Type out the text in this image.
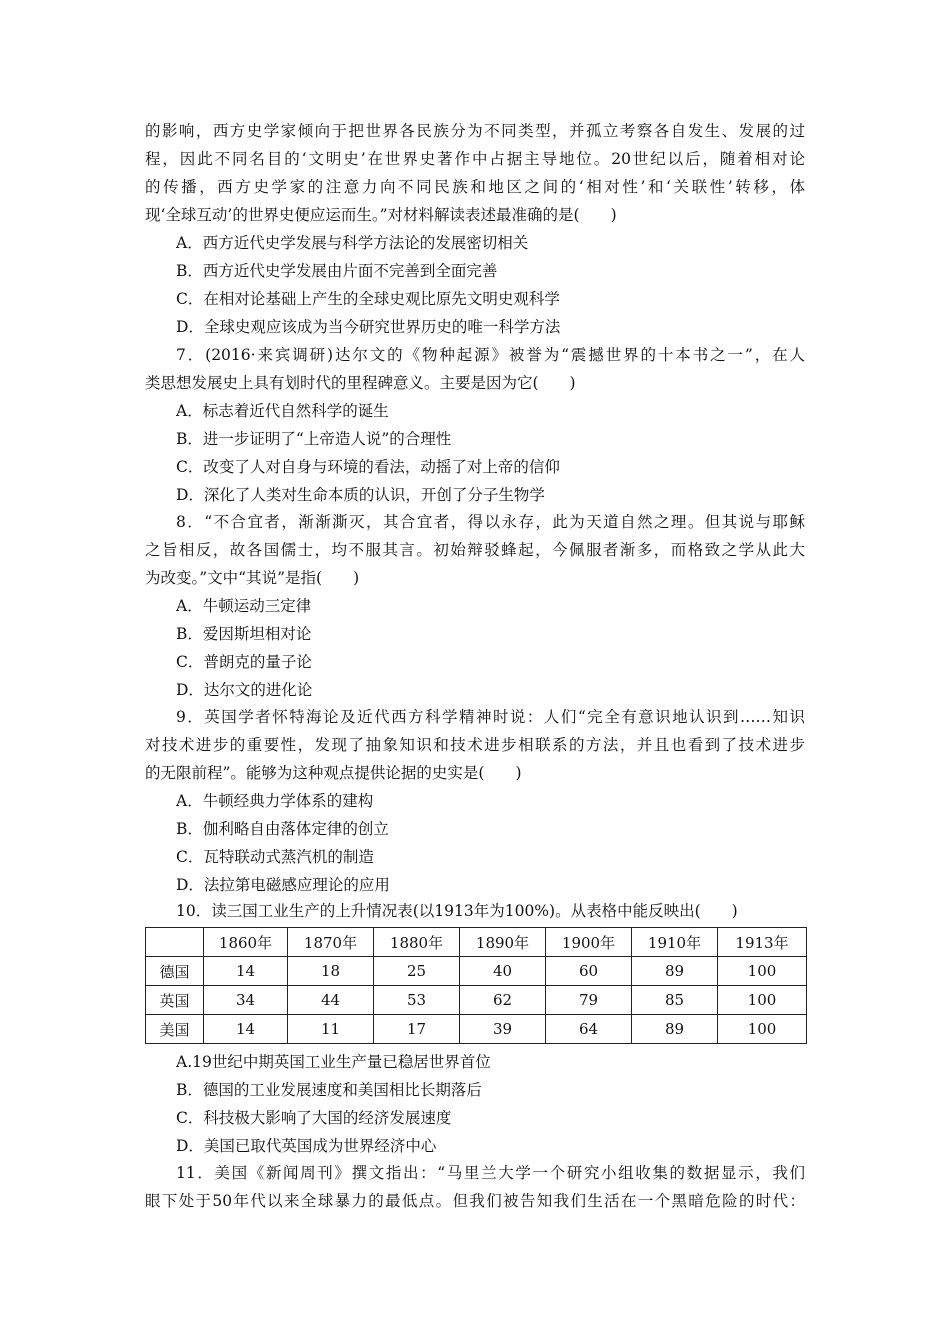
的影响，西方史学家倾向于把世界各民族分为不同类型，并孤立考察各自发生、发展的过
程，因此不同名目的‘文明史’在世界史著作中占据主导地位。20世纪以后，随着相对论
的传播，西方史学家的注意力向不同民族和地区之间的‘相对性’和‘关联性’转移，体
现‘全球互动’的世界史便应运而生。”对材料解读表述最准确的是(　　)
A．西方近代史学发展与科学方法论的发展密切相关
B．西方近代史学发展由片面不完善到全面完善
C．在相对论基础上产生的全球史观比原先文明史观科学
D．全球史观应该成为当今研究世界历史的唯一科学方法
7．(2016·来宾调研)达尔文的《物种起源》被誉为“震撼世界的十本书之一”，在人
类思想发展史上具有划时代的里程碑意义。主要是因为它(　　)
A．标志着近代自然科学的诞生
B．进一步证明了“上帝造人说”的合理性
C．改变了人对自身与环境的看法，动摇了对上帝的信仰
D．深化了人类对生命本质的认识，开创了分子生物学
8．“不合宜者，渐渐澌灭，其合宜者，得以永存，此为天道自然之理。但其说与耶稣
之旨相反，故各国儒士，均不服其言。初始辩驳蜂起，今佩服者渐多，而格致之学从此大
为改变。”文中“其说”是指(　　)
A．牛顿运动三定律
B．爱因斯坦相对论
C．普朗克的量子论
D．达尔文的进化论
9．英国学者怀特海论及近代西方科学精神时说：人们“完全有意识地认识到……知识
对技术进步的重要性，发现了抽象知识和技术进步相联系的方法，并且也看到了技术进步
的无限前程”。能够为这种观点提供论据的史实是(　　)
A．牛顿经典力学体系的建构
B．伽利略自由落体定律的创立
C．瓦特联动式蒸汽机的制造
D．法拉第电磁感应理论的应用
10．读三国工业生产的上升情况表(以1913年为100%)。从表格中能反映出(　　)
	1860年	1870年	1880年	1890年	1900年	1910年	1913年
德国	14	18	25	40	60	89	100
英国	34	44	53	62	79	85	100
美国	14	11	17	39	64	89	100
A.19世纪中期英国工业生产量已稳居世界首位
B．德国的工业发展速度和美国相比长期落后
C．科技极大影响了大国的经济发展速度
D．美国已取代英国成为世界经济中心
11．美国《新闻周刊》撰文指出：“马里兰大学一个研究小组收集的数据显示，我们
眼下处于50年代以来全球暴力的最低点。但我们被告知我们生活在一个黑暗危险的时代：
